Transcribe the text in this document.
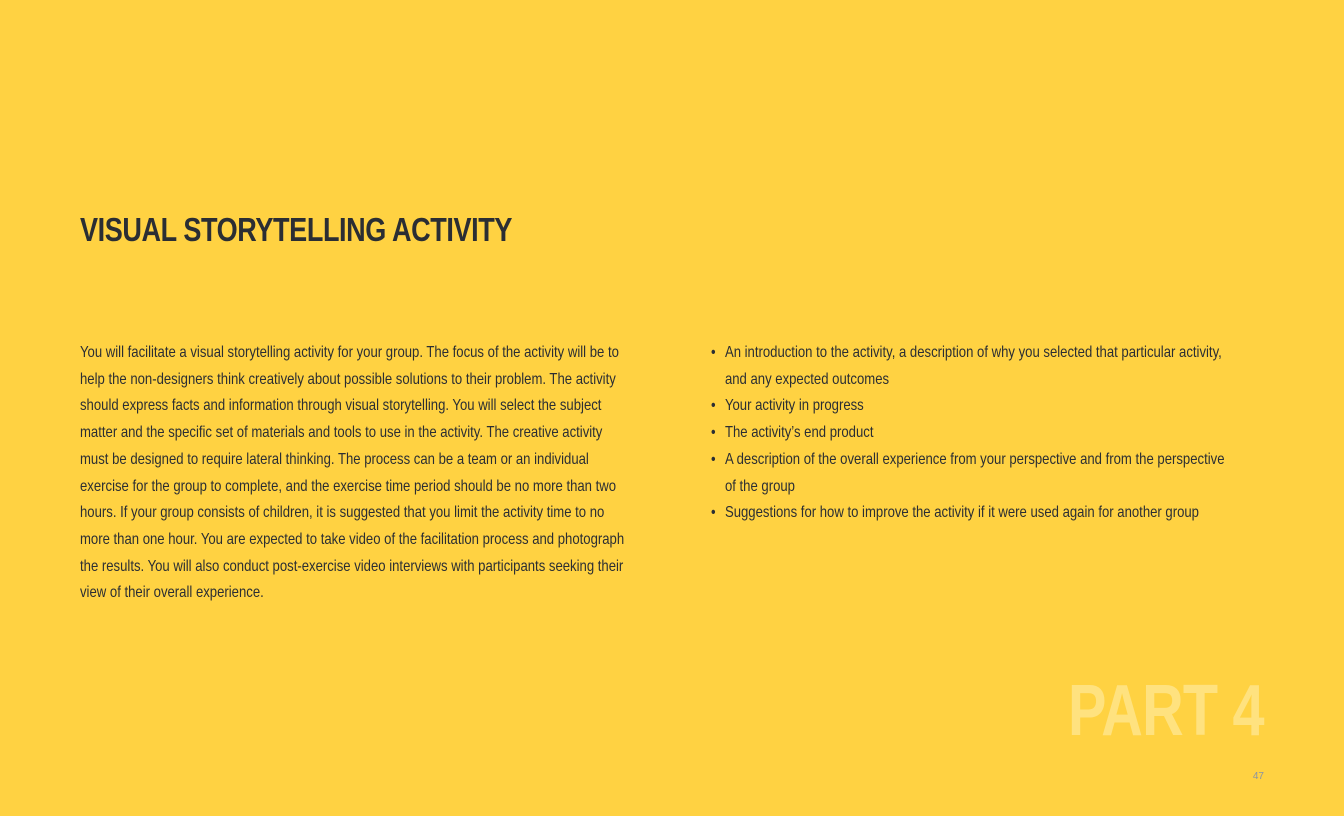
VISUAL STORYTELLING ACTIVITY

You will facilitate a visual storytelling activity for your group. The focus of the activity will be to help the non-designers think creatively about possible solutions to their problem. The activity should express facts and information through visual storytelling. You will select the subject matter and the specific set of materials and tools to use in the activity. The creative activity must be designed to require lateral thinking. The process can be a team or an individual exercise for the group to complete, and the exercise time period should be no more than two hours. If your group consists of children, it is suggested that you limit the activity time to no more than one hour. You are expected to take video of the facilitation process and photograph the results. You will also conduct post-exercise video interviews with participants seeking their view of their overall experience.

• An introduction to the activity, a description of why you selected that particular activity, and any expected outcomes
• Your activity in progress
• The activity’s end product
• A description of the overall experience from your perspective and from the perspective of the group
• Suggestions for how to improve the activity if it were used again for another group
PART 4
47
